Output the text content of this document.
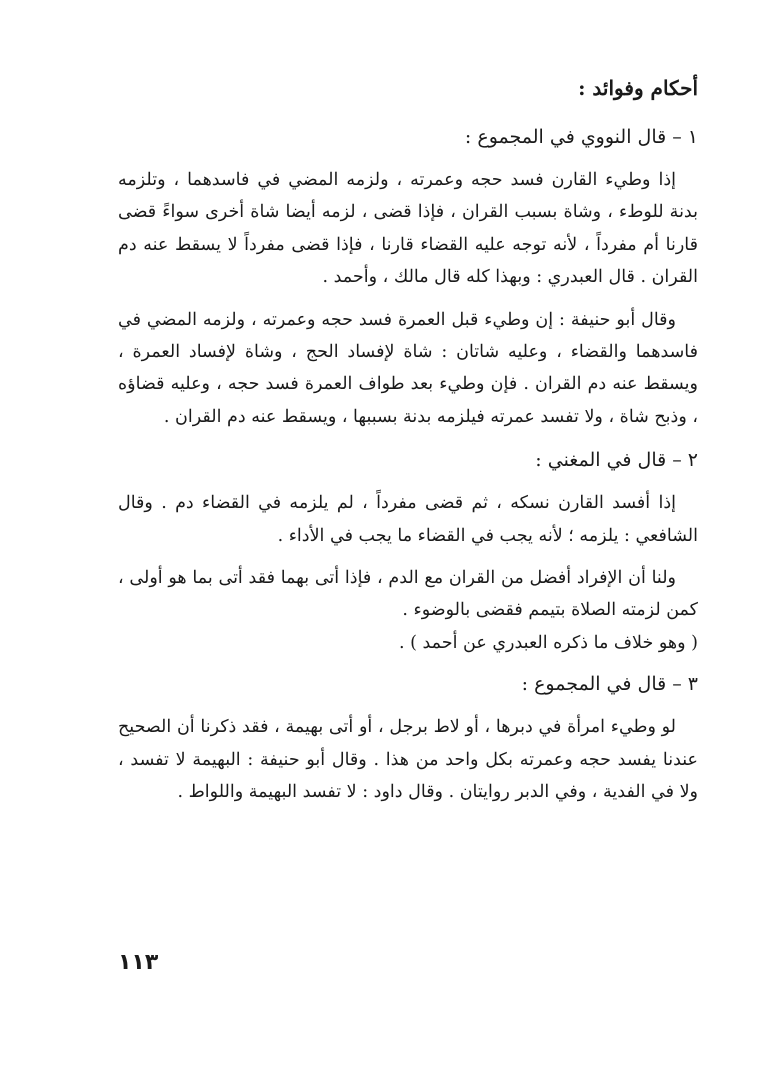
أحكام وفوائد :
١ – قال النووي في المجموع :
إذا وطيء القارن فسد حجه وعمرته ، ولزمه المضي في فاسدهما ، وتلزمه بدنة للوطء ، وشاة بسبب القران ، فإذا قضى ، لزمه أيضا شاة أخرى سواءً قضى قارنا أم مفرداً ، لأنه توجه عليه القضاء قارنا ، فإذا قضى مفرداً لا يسقط عنه دم القران . قال العبدري : وبهذا كله قال مالك ، وأحمد .
وقال أبو حنيفة : إن وطيء قبل العمرة فسد حجه وعمرته ، ولزمه المضي في فاسدهما والقضاء ، وعليه شاتان : شاة لإفساد الحج ، وشاة لإفساد العمرة ، ويسقط عنه دم القران . فإن وطيء بعد طواف العمرة فسد حجه ، وعليه قضاؤه ، وذبح شاة ، ولا تفسد عمرته فيلزمه بدنة بسببها ، ويسقط عنه دم القران .
٢ – قال في المغني :
إذا أفسد القارن نسكه ، ثم قضى مفرداً ، لم يلزمه في القضاء دم . وقال الشافعي : يلزمه ؛ لأنه يجب في القضاء ما يجب في الأداء .
ولنا أن الإفراد أفضل من القران مع الدم ، فإذا أتى بهما فقد أتى بما هو أولى ، كمن لزمته الصلاة بتيمم فقضى بالوضوء .
( وهو خلاف ما ذكره العبدري عن أحمد ) .
٣ – قال في المجموع :
لو وطيء امرأة في دبرها ، أو لاط برجل ، أو أتى بهيمة ، فقد ذكرنا أن الصحيح عندنا يفسد حجه وعمرته بكل واحد من هذا . وقال أبو حنيفة : البهيمة لا تفسد ، ولا في الفدية ، وفي الدبر روايتان . وقال داود : لا تفسد البهيمة واللواط .
١١٣
